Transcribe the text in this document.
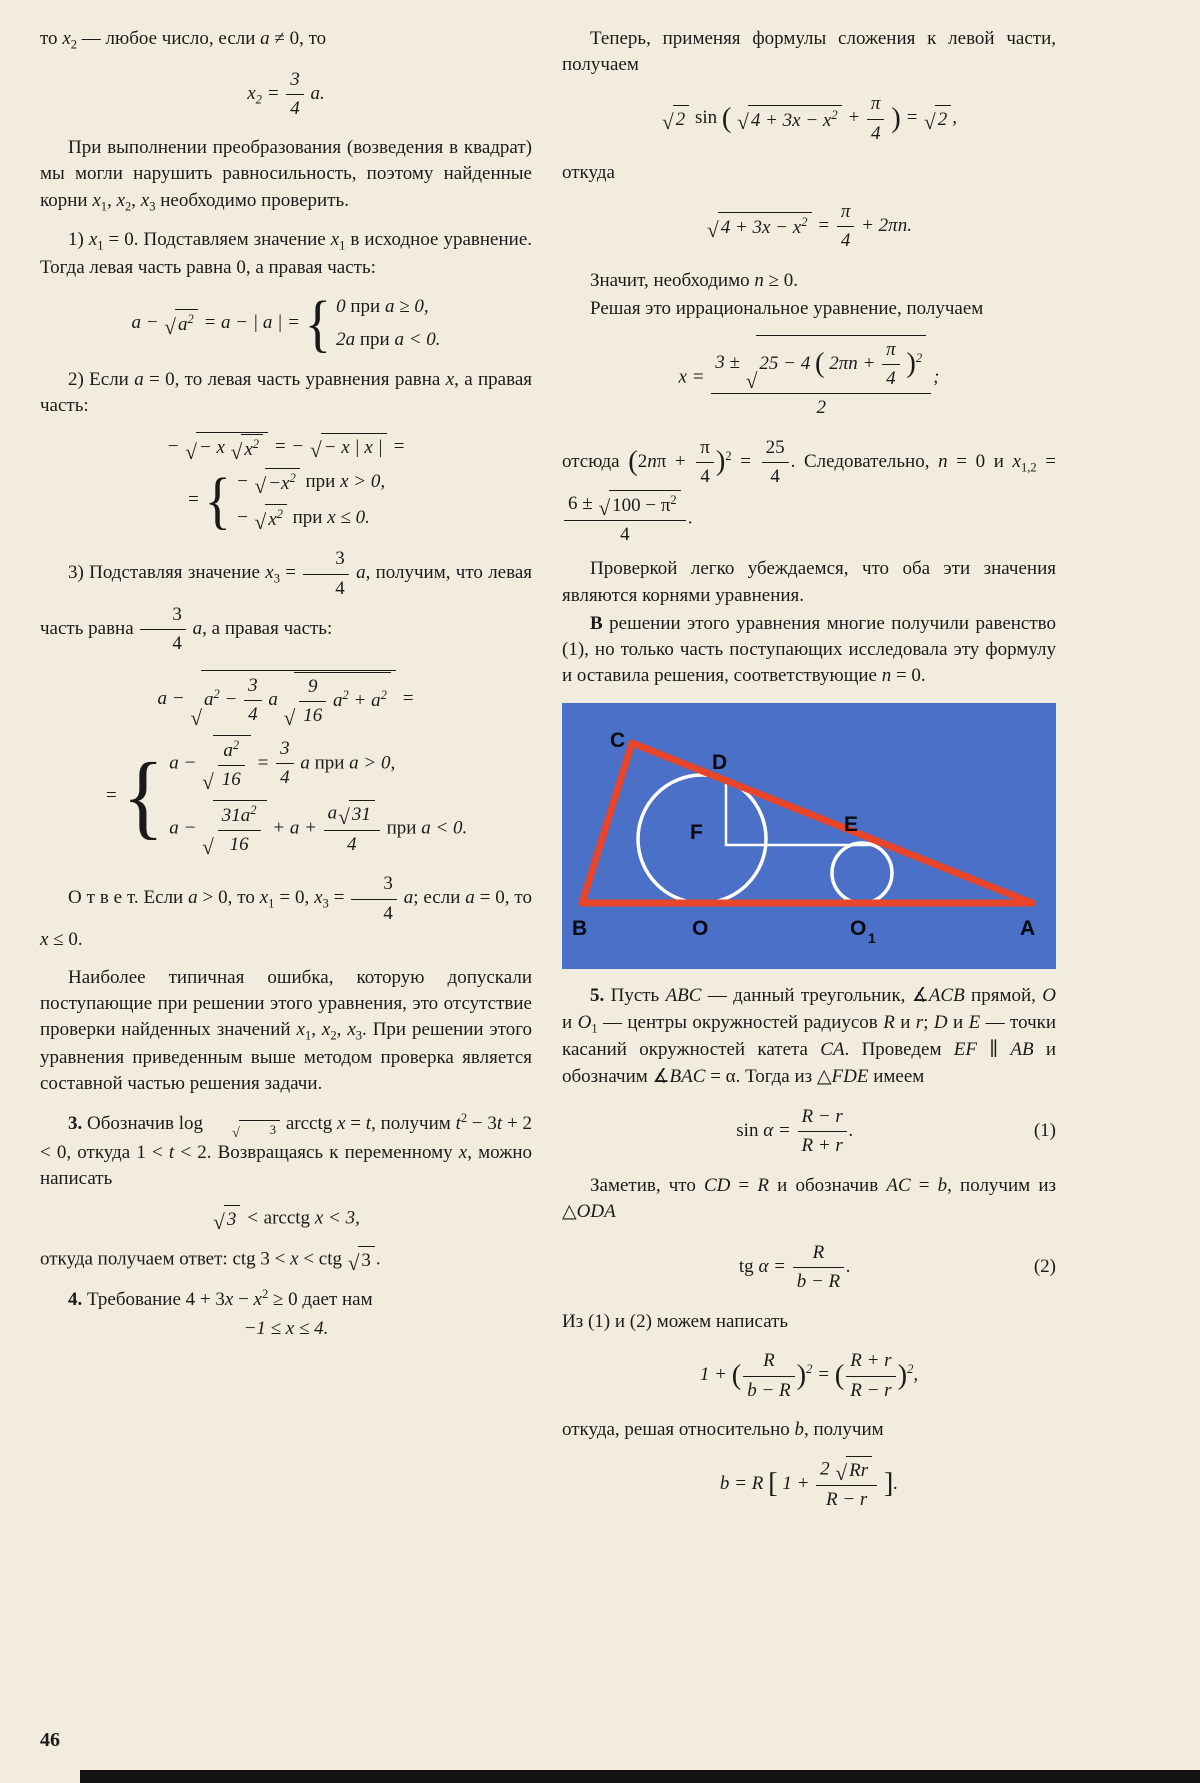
то $x_2$ — любое число, если a ≠ 0, то

$x_2 = \frac{3}{4} a$.

При выполнении преобразования (возведения в квадрат) мы могли нарушить равносильность, поэтому найденные корни $x_1$, $x_2$, $x_3$ необходимо проверить.

1) $x_1 = 0$. Подставляем значение $x_1$ в исходное уравнение. Тогда левая часть равна 0, а правая часть:

a − √ $a^2 = a$ − | a | = { 0 при a ≥ 0,
2a при a < 0.

2) Если a = 0, то левая часть уравнения равна x, а правая часть:

− √ − x √ $x^2$ = − √ − x | x | =
= { − √ $-x^2$ при x > 0,
− √ $x^2$ при x ≤ 0.

3) Подставляя значение $x_3 = \frac{3}{4} a$, получим, что левая часть равна $\frac{3}{4} a$, а правая часть:

a −
√
$a^2 - \frac{3}{4}$ a
√ $\frac{9}{16} a^2 + a^2$ =
= { a −
√ $\frac{a^2}{16} = \frac{3}{4}$ a при a > 0,
a −
√ $\frac{31a^2}{16} + a + \frac{a √ 31}{4}$ при a < 0.

О т в е т. Если a > 0, то $x_1 = 0$, $x_3 = \frac{3}{4} a$; если a = 0, то x ≤ 0.

Наиболее типичная ошибка, которую допускали поступающие при решении этого уравнения, это отсутствие проверки найденных значений $x_1$, $x_2$, $x_3$. При решении этого уравнения приведенным выше методом проверка является составной частью решения задачи.

3. Обозначив log	$_{√ 3}$ arcctg x = t, получим $t^2 - 3t + 2 < 0$, откуда 1 < t < 2. Возвращаясь к переменному x, можно написать

√ 3 < arcctg x < 3,

откуда получаем ответ: ctg 3 < x < ctg √ 3 .

4. Требование $4 + 3x - x^2 \ge 0$ дает нам

−1 ≤ x ≤ 4.

Теперь, применяя формулы сложения к левой части, получаем

√ 2 sin ( √ $4 + 3x - x^2 + \frac{\pi}{4}$ ) = √ 2 ,

откуда

√ $4 + 3x - x^2 = \frac{\pi}{4} + 2\pi n$.

Значит, необходимо n ≥ 0.

Решая это иррациональное уравнение, получаем

x = 3 ±
√
25 − 4 ( $2\pi n + \frac{\pi}{4} )^2$
2 ;

отсюда $(2n\pi + \frac{\pi}{4} )^2 = \frac{25}{4}$ . Следовательно, n = 0 и $x_{1,2}$ =
$\frac{6 \pm √ 100 - \pi^2}{4}$ .

Проверкой легко убеждаемся, что оба эти значения являются корнями уравнения.

В решении этого уравнения многие получили равенство (1), но только часть поступающих исследовала эту формулу и оставила решения, соответствующие n = 0.

C
D
E
F
B	O	O 1	A

5. Пусть ABC — данный треугольник, ∡ACB прямой, O и $O_1$ — центры окружностей радиусов R и r; D и E — точки касаний окружностей катета CA. Проведем EF ∥ AB и обозначим ∡BAC = α. Тогда из △FDE имеем

$\sin \alpha = \frac{R - r}{R + r}$ .	(1)

Заметив, что CD = R и обозначив AC = b, получим из △ODA

tg $\alpha = \frac{R}{b - R}$ .	(2)

Из (1) и (2) можем написать

1 + ( $\frac{R}{b - R} )^2$ = ( $\frac{R + r}{R - r} )^2$,

откуда, решая относительно b, получим

b = R [ $1 + \frac{2 √ Rr}{R - r}$ ].
46
